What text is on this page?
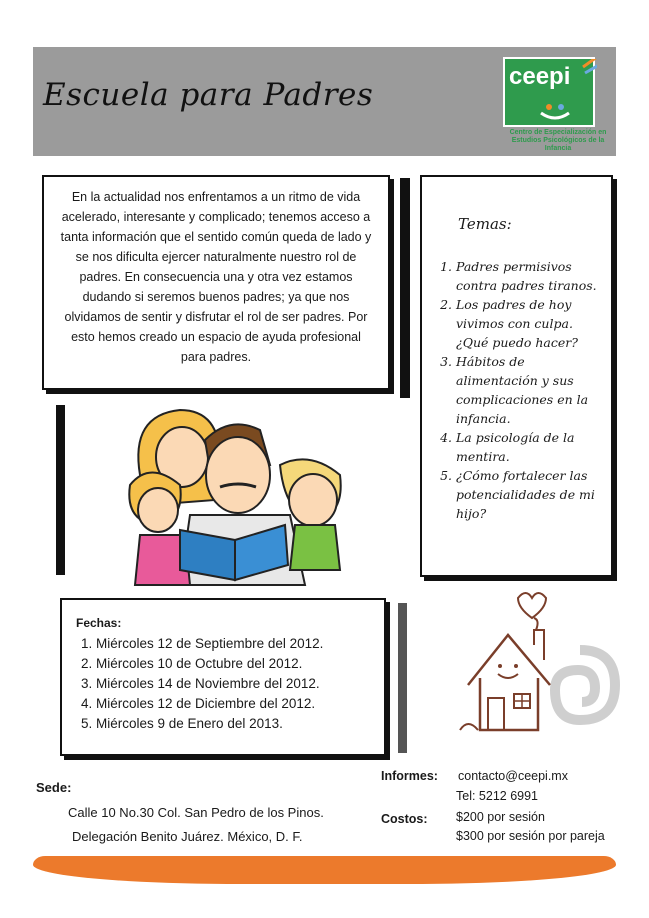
Escuela para Padres
ceepi
Centro de Especialización en Estudios Psicológicos de la Infancia

En la actualidad nos enfrentamos a un ritmo de vida acelerado, interesante y complicado; tenemos acceso a tanta información que el sentido común queda de lado y se nos dificulta ejercer naturalmente nuestro rol de padres. En consecuencia una y otra vez estamos dudando si seremos buenos padres; ya que nos olvidamos de sentir y disfrutar el rol de ser padres. Por esto hemos creado un espacio de ayuda profesional para padres.

Temas:
1. Padres permisivos contra padres tiranos.
2. Los padres de hoy vivimos con culpa. ¿Qué puedo hacer?
3. Hábitos de alimentación y sus complicaciones en la infancia.
4. La psicología de la mentira.
5. ¿Cómo fortalecer las potencialidades de mi hijo?
Fechas:
1. Miércoles 12 de Septiembre del 2012.
2. Miércoles 10 de Octubre del 2012.
3. Miércoles 14 de Noviembre del 2012.
4. Miércoles 12 de Diciembre del 2012.
5. Miércoles 9 de Enero del 2013.
Sede:
Calle 10 No.30 Col. San Pedro de los Pinos.
Delegación Benito Juárez. México, D. F.
Informes: contacto@ceepi.mx
Tel: 5212 6991
Costos: $200 por sesión
$300 por sesión por pareja
